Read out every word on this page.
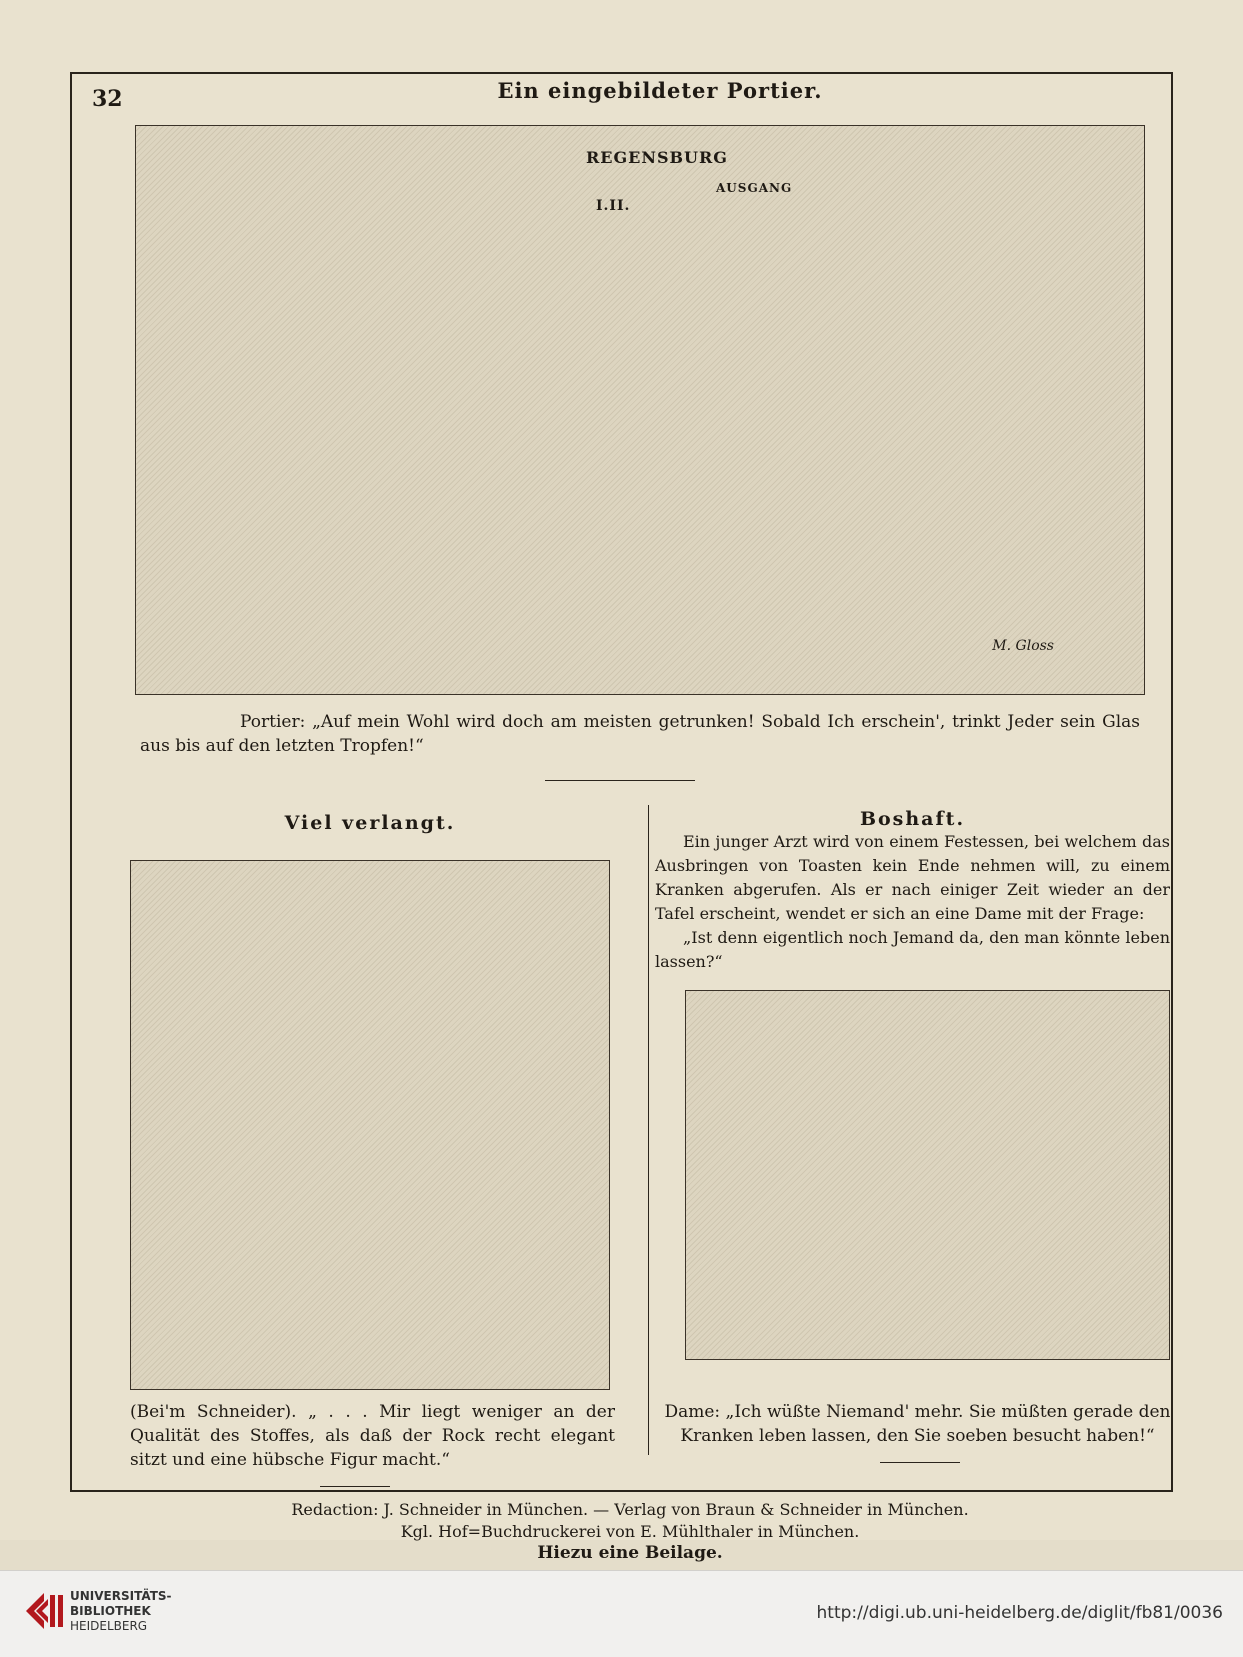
32	Ein eingebildeter Portier.
REGENSBURG
I.II.
AUSGANG
M. Gloss
Portier: „Auf mein Wohl wird doch am meisten getrunken! Sobald Ich erschein', trinkt Jeder sein Glas aus bis auf den letzten Tropfen!“
Viel verlangt.
(Bei'm Schneider). „ . . . Mir liegt weniger an der Qualität des Stoffes, als daß der Rock recht elegant sitzt und eine hübsche Figur macht.“
Boshaft.

Ein junger Arzt wird von einem Festessen, bei welchem das Ausbringen von Toasten kein Ende nehmen will, zu einem Kranken abgerufen. Als er nach einiger Zeit wieder an der Tafel erscheint, wendet er sich an eine Dame mit der Frage:

„Ist denn eigentlich noch Jemand da, den man könnte leben lassen?“

Dame: „Ich wüßte Niemand' mehr. Sie müßten gerade den Kranken leben lassen, den Sie soeben besucht haben!“
Redaction: J. Schneider in München. — Verlag von Braun & Schneider in München.
Kgl. Hof=Buchdruckerei von E. Mühlthaler in München.
Hiezu eine Beilage.
UNIVERSITÄTS-
BIBLIOTHEK
HEIDELBERG
http://digi.ub.uni-heidelberg.de/diglit/fb81/0036
